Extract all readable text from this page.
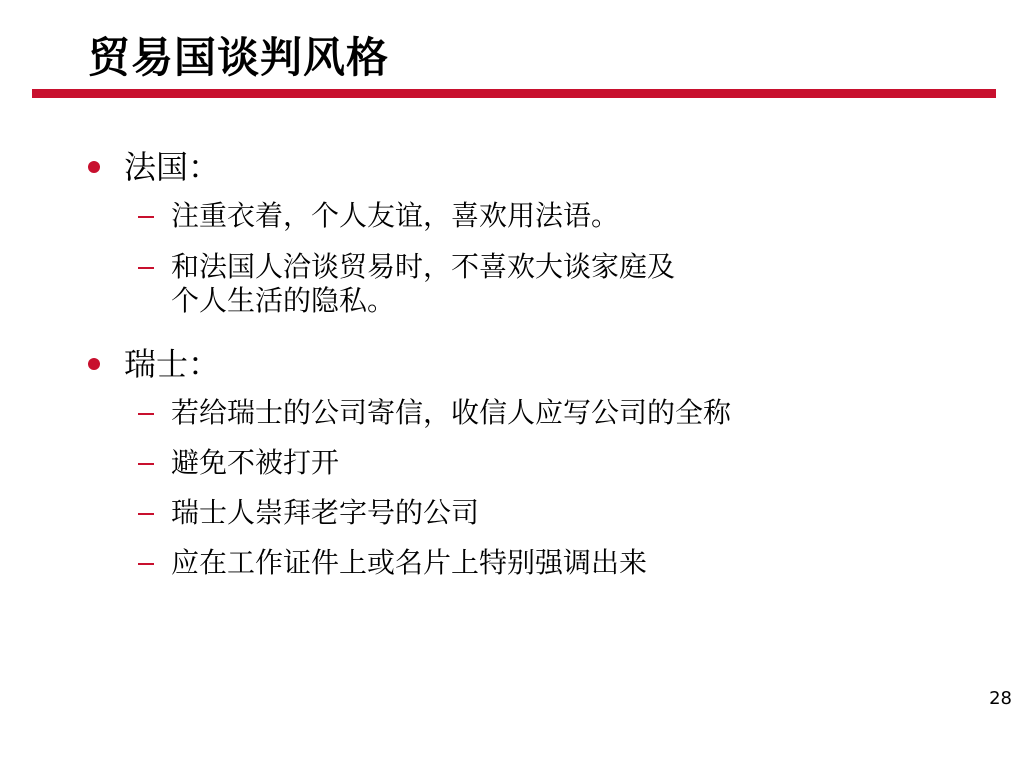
贸易国谈判风格
法国：
注重衣着，个人友谊，喜欢用法语。
和法国人洽谈贸易时，不喜欢大谈家庭及
个人生活的隐私。
瑞士：
若给瑞士的公司寄信，收信人应写公司的全称
避免不被打开
瑞士人崇拜老字号的公司
应在工作证件上或名片上特别强调出来
28
